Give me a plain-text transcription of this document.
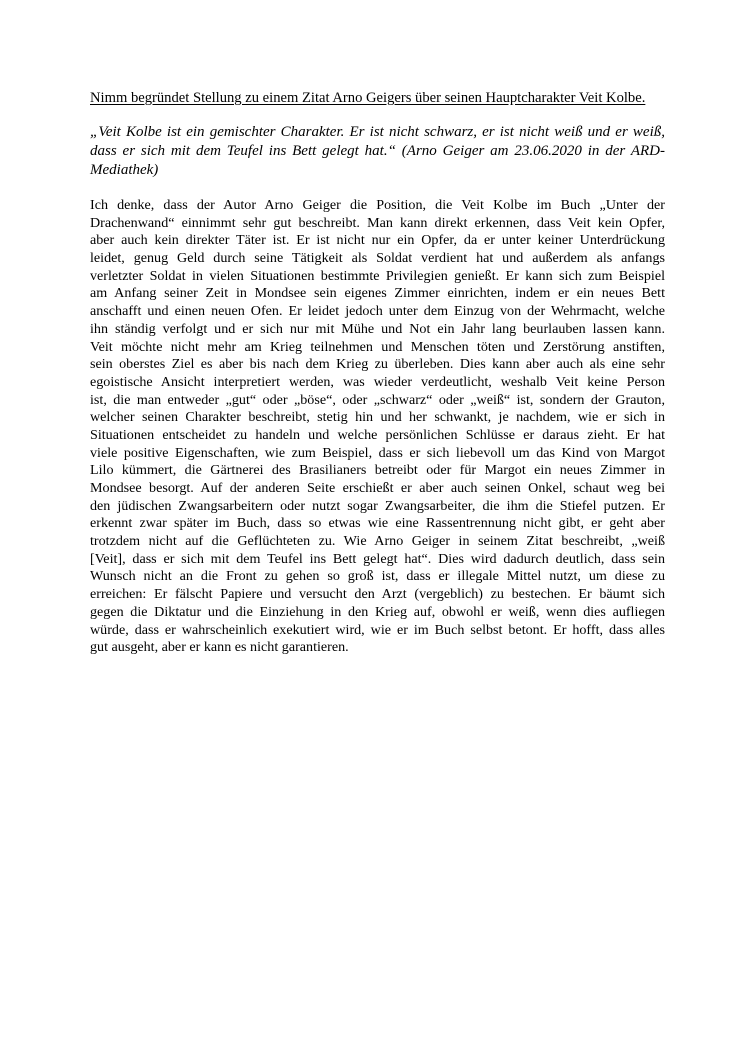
Nimm begründet Stellung zu einem Zitat Arno Geigers über seinen Hauptcharakter Veit Kolbe.
„Veit Kolbe ist ein gemischter Charakter. Er ist nicht schwarz, er ist nicht weiß und er weiß,
dass er sich mit dem Teufel ins Bett gelegt hat.“ (Arno Geiger am 23.06.2020 in der ARD-
Mediathek)
Ich denke, dass der Autor Arno Geiger die Position, die Veit Kolbe im Buch „Unter der
Drachenwand“ einnimmt sehr gut beschreibt. Man kann direkt erkennen, dass Veit kein Opfer,
aber auch kein direkter Täter ist. Er ist nicht nur ein Opfer, da er unter keiner Unterdrückung
leidet, genug Geld durch seine Tätigkeit als Soldat verdient hat und außerdem als anfangs
verletzter Soldat in vielen Situationen bestimmte Privilegien genießt. Er kann sich zum Beispiel
am Anfang seiner Zeit in Mondsee sein eigenes Zimmer einrichten, indem er ein neues Bett
anschafft und einen neuen Ofen. Er leidet jedoch unter dem Einzug von der Wehrmacht, welche
ihn ständig verfolgt und er sich nur mit Mühe und Not ein Jahr lang beurlauben lassen kann.
Veit möchte nicht mehr am Krieg teilnehmen und Menschen töten und Zerstörung anstiften,
sein oberstes Ziel es aber bis nach dem Krieg zu überleben. Dies kann aber auch als eine sehr
egoistische Ansicht interpretiert werden, was wieder verdeutlicht, weshalb Veit keine Person
ist, die man entweder „gut“ oder „böse“, oder „schwarz“ oder „weiß“ ist, sondern der Grauton,
welcher seinen Charakter beschreibt, stetig hin und her schwankt, je nachdem, wie er sich in
Situationen entscheidet zu handeln und welche persönlichen Schlüsse er daraus zieht. Er hat
viele positive Eigenschaften, wie zum Beispiel, dass er sich liebevoll um das Kind von Margot
Lilo kümmert, die Gärtnerei des Brasilianers betreibt oder für Margot ein neues Zimmer in
Mondsee besorgt. Auf der anderen Seite erschießt er aber auch seinen Onkel, schaut weg bei
den jüdischen Zwangsarbeitern oder nutzt sogar Zwangsarbeiter, die ihm die Stiefel putzen. Er
erkennt zwar später im Buch, dass so etwas wie eine Rassentrennung nicht gibt, er geht aber
trotzdem nicht auf die Geflüchteten zu. Wie Arno Geiger in seinem Zitat beschreibt, „weiß
[Veit], dass er sich mit dem Teufel ins Bett gelegt hat“. Dies wird dadurch deutlich, dass sein
Wunsch nicht an die Front zu gehen so groß ist, dass er illegale Mittel nutzt, um diese zu
erreichen: Er fälscht Papiere und versucht den Arzt (vergeblich) zu bestechen. Er bäumt sich
gegen die Diktatur und die Einziehung in den Krieg auf, obwohl er weiß, wenn dies aufliegen
würde, dass er wahrscheinlich exekutiert wird, wie er im Buch selbst betont. Er hofft, dass alles
gut ausgeht, aber er kann es nicht garantieren.
